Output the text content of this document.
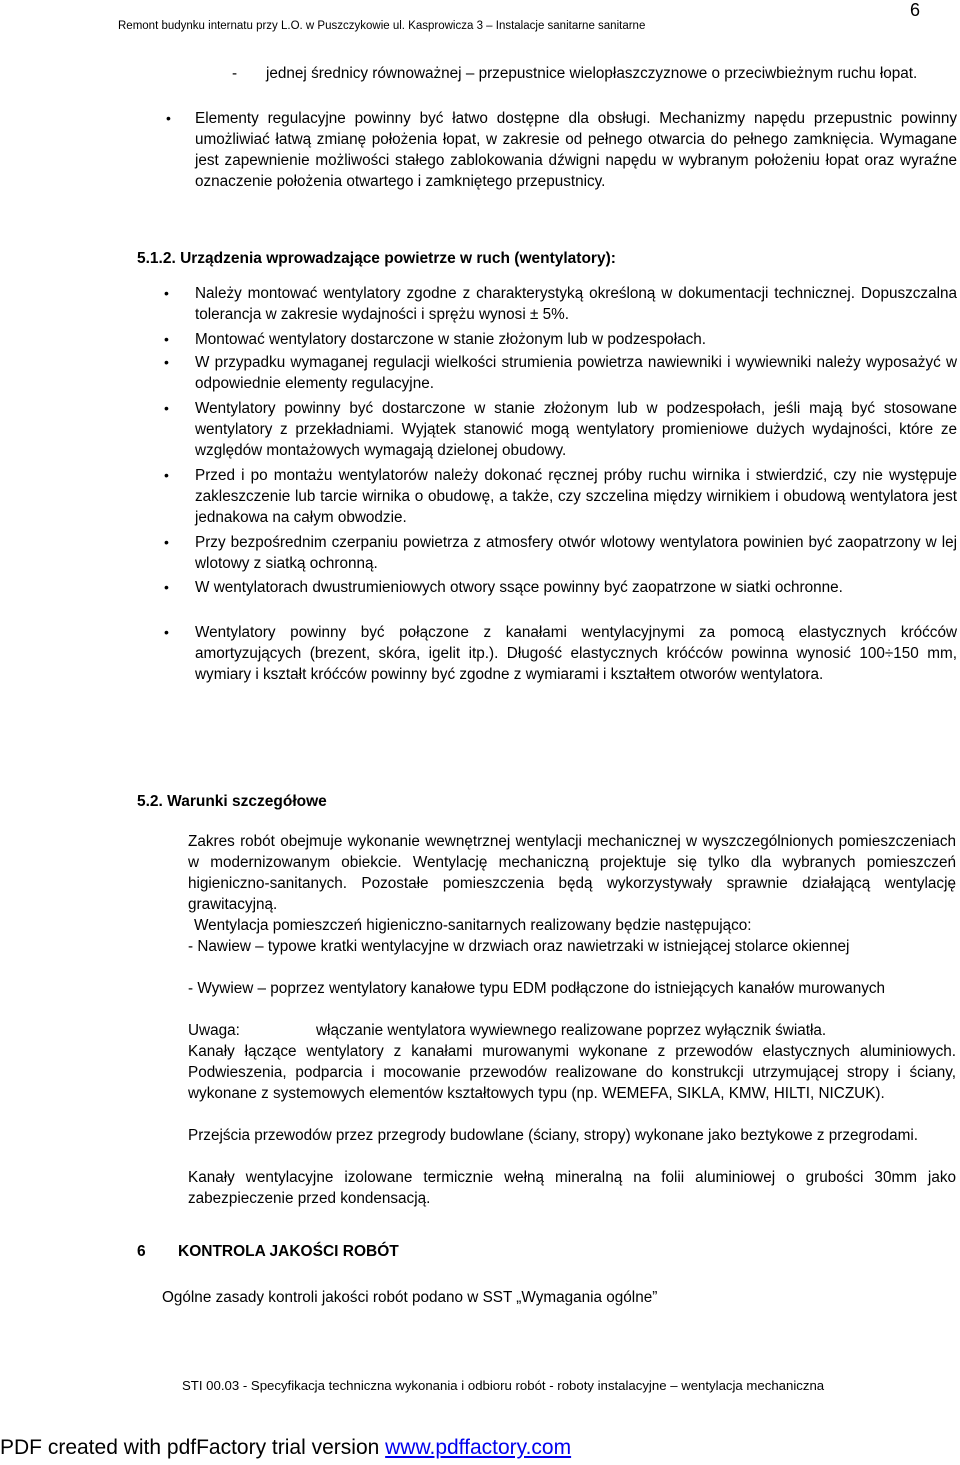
Remont budynku internatu przy L.O. w Puszczykowie ul. Kasprowicza 3 – Instalacje sanitarne sanitarne
6
- jednej średnicy równoważnej – przepustnice wielopłaszczyznowe o przeciwbieżnym ruchu łopat.
• Elementy regulacyjne powinny być łatwo dostępne dla obsługi. Mechanizmy napędu przepustnic powinny umożliwiać łatwą zmianę położenia łopat, w zakresie od pełnego otwarcia do pełnego zamknięcia. Wymagane jest zapewnienie możliwości stałego zablokowania dźwigni napędu w wybranym położeniu łopat oraz wyraźne oznaczenie położenia otwartego i zamkniętego przepustnicy.
5.1.2. Urządzenia wprowadzające powietrze w ruch (wentylatory):
• Należy montować wentylatory zgodne z charakterystyką określoną w dokumentacji technicznej. Dopuszczalna tolerancja w zakresie wydajności i sprężu wynosi ± 5%.
• Montować wentylatory dostarczone w stanie złożonym lub w podzespołach.
• W przypadku wymaganej regulacji wielkości strumienia powietrza nawiewniki i wywiewniki należy wyposażyć w odpowiednie elementy regulacyjne.
• Wentylatory powinny być dostarczone w stanie złożonym lub w podzespołach, jeśli mają być stosowane wentylatory z przekładniami. Wyjątek stanowić mogą wentylatory promieniowe dużych wydajności, które ze względów montażowych wymagają dzielonej obudowy.
• Przed i po montażu wentylatorów należy dokonać ręcznej próby ruchu wirnika i stwierdzić, czy nie występuje zakleszczenie lub tarcie wirnika o obudowę, a także, czy szczelina między wirnikiem i obudową wentylatora jest jednakowa na całym obwodzie.
• Przy bezpośrednim czerpaniu powietrza z atmosfery otwór wlotowy wentylatora powinien być zaopatrzony w lej wlotowy z siatką ochronną.
• W wentylatorach dwustrumieniowych otwory ssące powinny być zaopatrzone w siatki ochronne.
• Wentylatory powinny być połączone z kanałami wentylacyjnymi za pomocą elastycznych króćców amortyzujących (brezent, skóra, igelit itp.). Długość elastycznych króćców powinna wynosić 100÷150 mm, wymiary i kształt króćców powinny być zgodne z wymiarami i kształtem otworów wentylatora.
5.2. Warunki szczegółowe
Zakres robót obejmuje wykonanie wewnętrznej wentylacji mechanicznej w wyszczególnionych pomieszczeniach w modernizowanym obiekcie. Wentylację mechaniczną projektuje się tylko dla wybranych pomieszczeń higieniczno-sanitanych. Pozostałe pomieszczenia będą wykorzystywały sprawnie działającą wentylację grawitacyjną.
Wentylacja pomieszczeń higieniczno-sanitarnych realizowany będzie następująco:
- Nawiew – typowe kratki wentylacyjne w drzwiach oraz nawietrzaki w istniejącej stolarce okiennej
- Wywiew – poprzez wentylatory kanałowe typu EDM podłączone do istniejących kanałów murowanych
Uwaga:	włączanie wentylatora wywiewnego realizowane poprzez wyłącznik światła.
Kanały łączące wentylatory z kanałami murowanymi wykonane z przewodów elastycznych aluminiowych. Podwieszenia, podparcia i mocowanie przewodów realizowane do konstrukcji utrzymującej stropy i ściany, wykonane z systemowych elementów kształtowych typu (np. WEMEFA, SIKLA, KMW, HILTI, NICZUK).
Przejścia przewodów przez przegrody budowlane (ściany, stropy) wykonane jako beztykowe z przegrodami.
Kanały wentylacyjne izolowane termicznie wełną mineralną na folii aluminiowej o grubości 30mm jako zabezpieczenie przed kondensacją.
6 KONTROLA JAKOŚCI ROBÓT
Ogólne zasady kontroli jakości robót podano w SST „Wymagania ogólne”
STI 00.03 - Specyfikacja techniczna wykonania i odbioru robót - roboty instalacyjne – wentylacja mechaniczna
PDF created with pdfFactory trial version www.pdffactory.com
